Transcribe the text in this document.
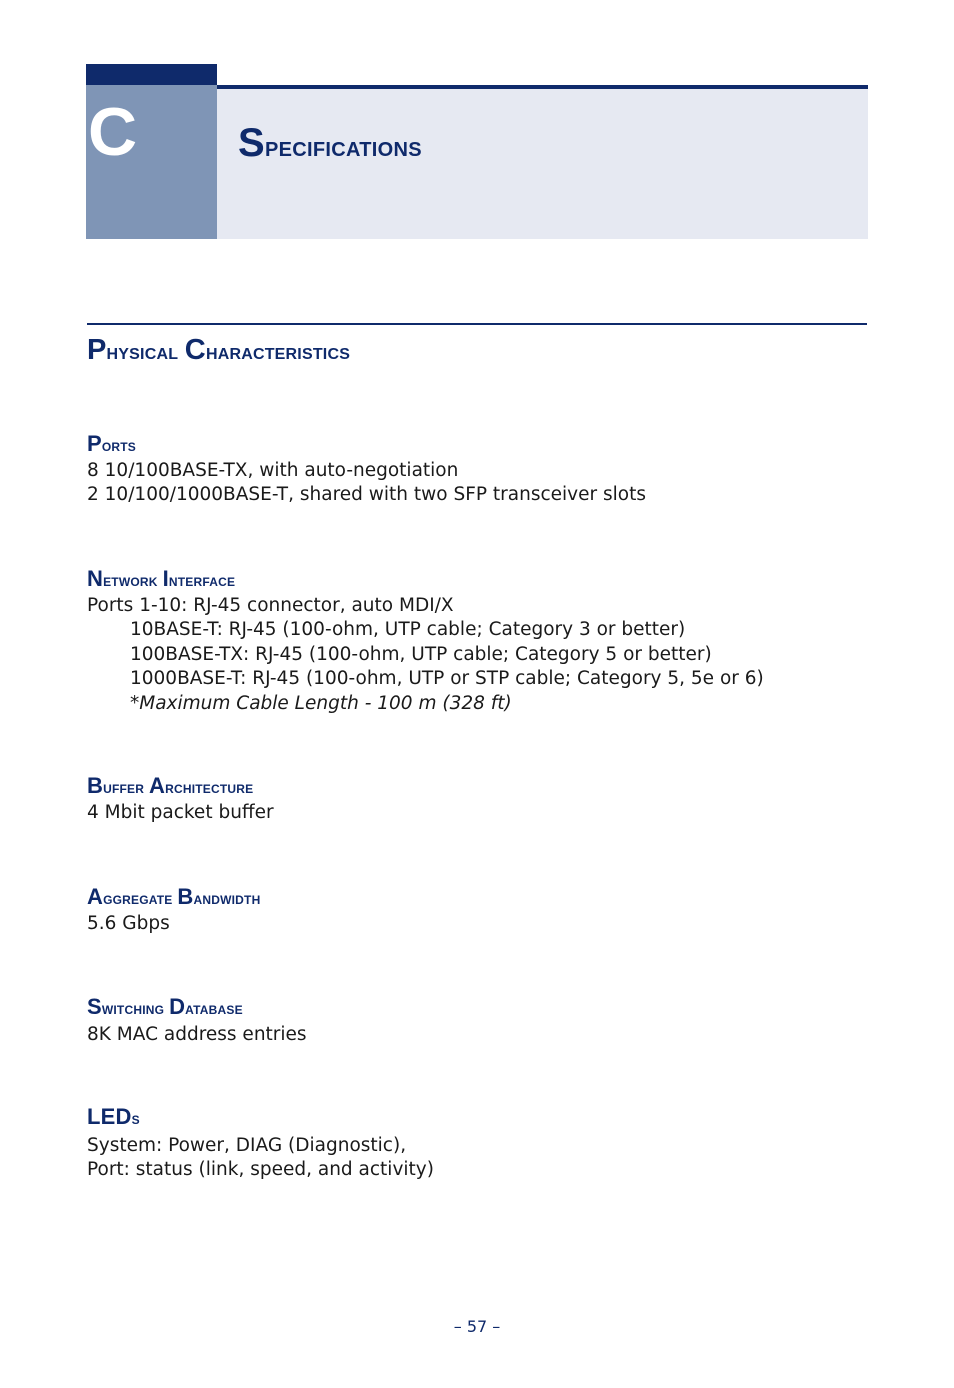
C	Specifications
Physical Characteristics
Ports
8 10/100BASE-TX, with auto-negotiation
2 10/100/1000BASE-T, shared with two SFP transceiver slots
Network Interface
Ports 1-10: RJ-45 connector, auto MDI/X
10BASE-T: RJ-45 (100-ohm, UTP cable; Category 3 or better)
100BASE-TX: RJ-45 (100-ohm, UTP cable; Category 5 or better)
1000BASE-T: RJ-45 (100-ohm, UTP or STP cable; Category 5, 5e or 6)
*Maximum Cable Length - 100 m (328 ft)
Buffer Architecture
4 Mbit packet buffer
Aggregate Bandwidth
5.6 Gbps
Switching Database
8K MAC address entries
LEDs
System: Power, DIAG (Diagnostic),
Port: status (link, speed, and activity)
– 57 –
